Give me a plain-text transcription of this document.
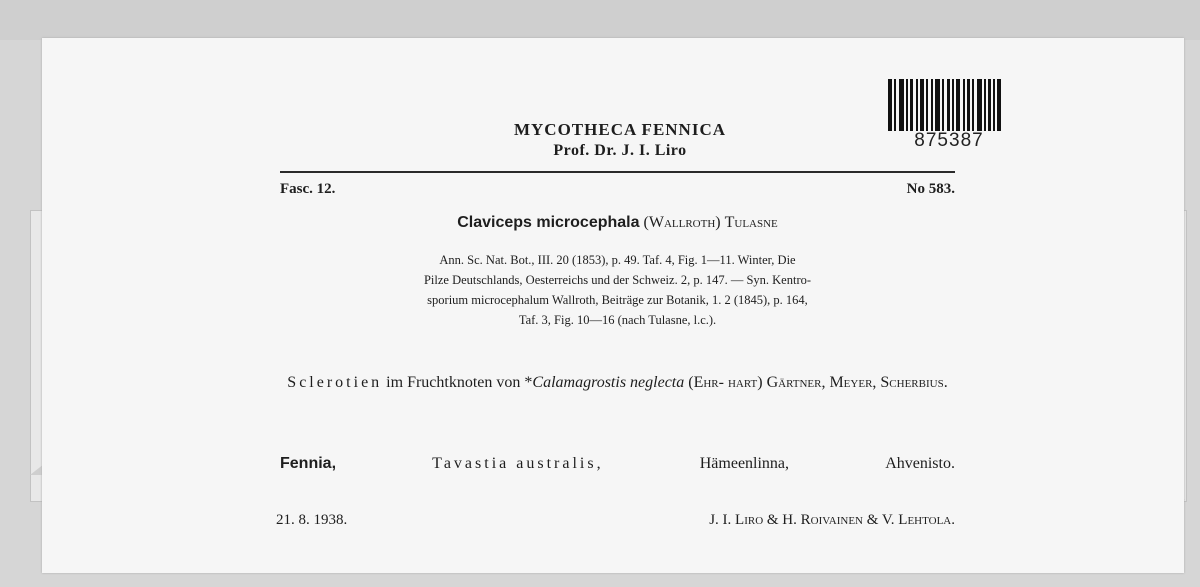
MYCOTHECA FENNICA
Prof. Dr. J. I. Liro	875387
Fasc. 12.	No 583.
Claviceps microcephala (Wallroth) Tulasne
Ann. Sc. Nat. Bot., III. 20 (1853), p. 49. Taf. 4, Fig. 1—11. Winter, Die
Pilze Deutschlands, Oesterreichs und der Schweiz. 2, p. 147. — Syn. Kentro-
sporium microcephalum Wallroth, Beiträge zur Botanik, 1. 2 (1845), p. 164,
Taf. 3, Fig. 10—16 (nach Tulasne, l.c.).
Sclerotien im Fruchtknoten von *Calamagrostis neglecta (Ehr- hart) Gärtner, Meyer, Scherbius.
Fennia,	Tavastia australis,	Hämeenlinna,	Ahvenisto.
21. 8. 1938.	J. I. Liro & H. Roivainen & V. Lehtola.
